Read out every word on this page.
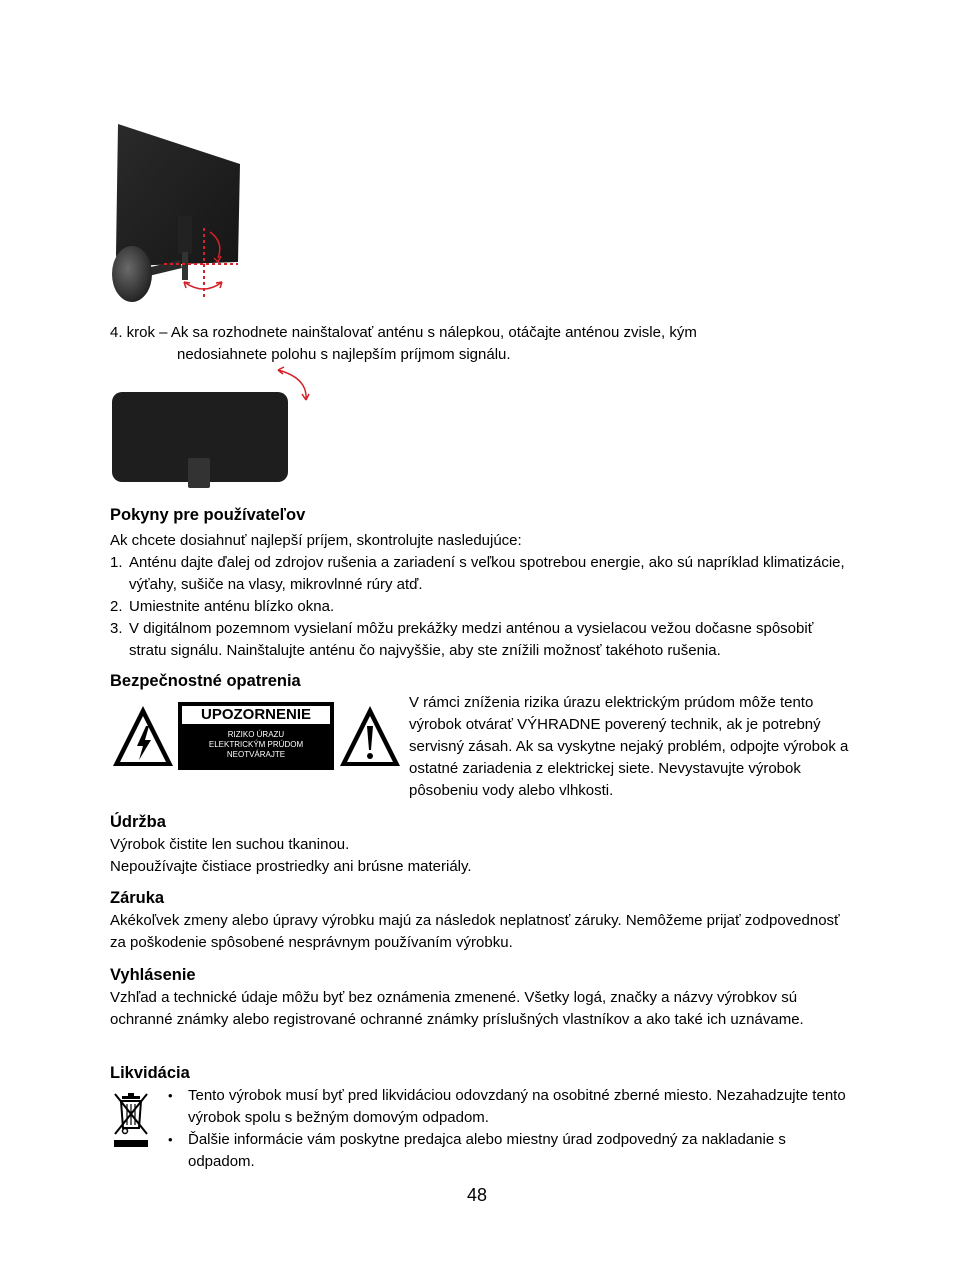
4. krok – Ak sa rozhodnete nainštalovať anténu s nálepkou, otáčajte anténou zvisle, kým

nedosiahnete polohu s najlepším príjmom signálu.

Pokyny pre používateľov

Ak chcete dosiahnuť najlepší príjem, skontrolujte nasledujúce:

1. Anténu dajte ďalej od zdrojov rušenia a zariadení s veľkou spotrebou energie, ako sú napríklad klimatizácie, výťahy, sušiče na vlasy, mikrovlnné rúry atď.
2. Umiestnite anténu blízko okna.
3. V digitálnom pozemnom vysielaní môžu prekážky medzi anténou a vysielacou vežou dočasne spôsobiť stratu signálu. Nainštalujte anténu čo najvyššie, aby ste znížili možnosť takéhoto rušenia.
Bezpečnostné opatrenia
UPOZORNENIE
RIZIKO ÚRAZU
ELEKTRICKÝM PRÚDOM
NEOTVÁRAJTE

V rámci zníženia rizika úrazu elektrickým prúdom môže tento výrobok otvárať VÝHRADNE poverený technik, ak je potrebný servisný zásah. Ak sa vyskytne nejaký problém, odpojte výrobok a ostatné zariadenia z elektrickej siete. Nevystavujte výrobok pôsobeniu vody alebo vlhkosti.

Údržba

Výrobok čistite len suchou tkaninou.

Nepoužívajte čistiace prostriedky ani brúsne materiály.

Záruka

Akékoľvek zmeny alebo úpravy výrobku majú za následok neplatnosť záruky. Nemôžeme prijať zodpovednosť za poškodenie spôsobené nesprávnym používaním výrobku.

Vyhlásenie

Vzhľad a technické údaje môžu byť bez oznámenia zmenené. Všetky logá, značky a názvy výrobkov sú ochranné známky alebo registrované ochranné známky príslušných vlastníkov a ako také ich uznávame.

Likvidácia
•	Tento výrobok musí byť pred likvidáciou odovzdaný na osobitné zberné miesto. Nezahadzujte tento výrobok spolu s bežným domovým odpadom.
•	Ďalšie informácie vám poskytne predajca alebo miestny úrad zodpovedný za nakladanie s odpadom.
48
